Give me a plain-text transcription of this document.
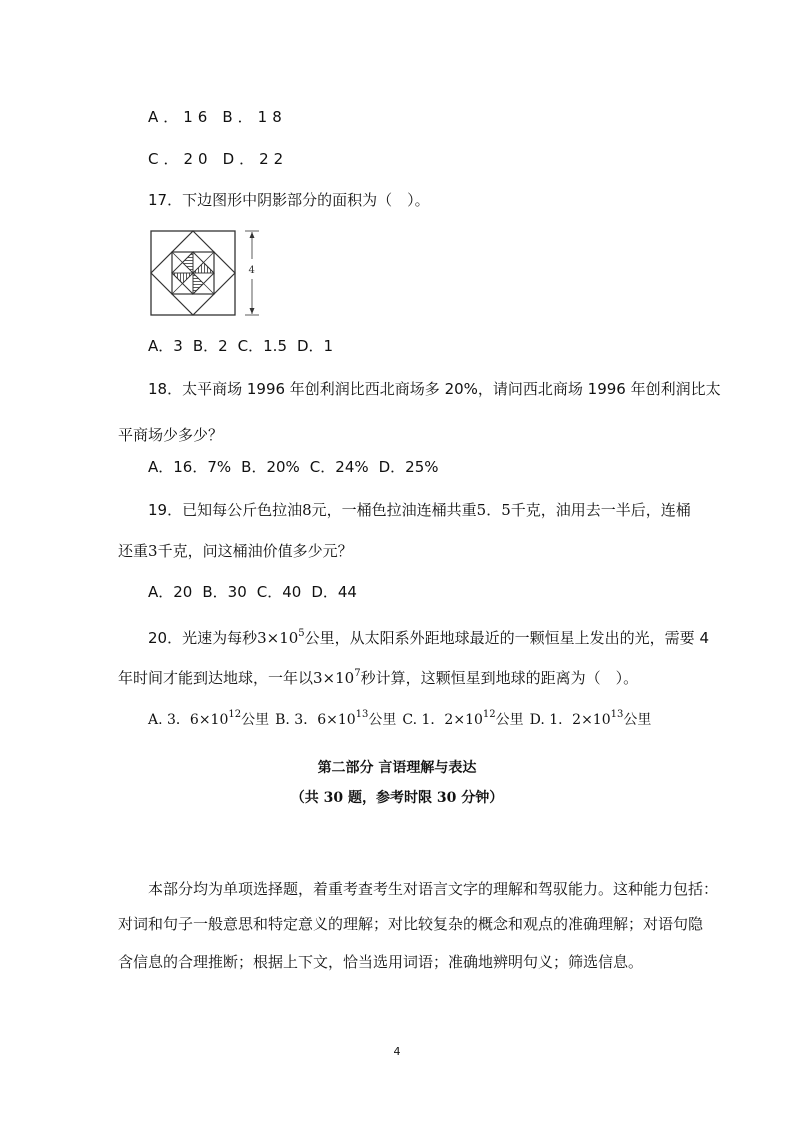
A．16 B．18
C．20 D．22
17．下边图形中阴影部分的面积为（　）。
4
A．3 B．2 C．1.5 D．1
18．太平商场 1996 年创利润比西北商场多 20%，请问西北商场 1996 年创利润比太
平商场少多少？
A．16．7% B．20% C．24% D．25%
19．已知每公斤色拉油8元，一桶色拉油连桶共重5．5千克，油用去一半后，连桶
还重3千克，问这桶油价值多少元？
A．20 B．30 C．40 D．44
20．光速为每秒$3\times 10^5$公里，从太阳系外距地球最近的一颗恒星上发出的光，需要 4
年时间才能到达地球，一年以$3\times 10^7$秒计算，这颗恒星到地球的距离为（　）。
A. 3．$6\times 10^{12}$公里 B. 3．$6\times 10^{13}$公里 C. 1．$2\times 10^{12}$公里 D. 1．$2\times 10^{13}$公里
第二部分 言语理解与表达
（共 30 题，参考时限 30 分钟）
本部分均为单项选择题，着重考查考生对语言文字的理解和驾驭能力。这种能力包括：
对词和句子一般意思和特定意义的理解；对比较复杂的概念和观点的准确理解；对语句隐
含信息的合理推断；根据上下文，恰当选用词语；准确地辨明句义；筛选信息。
4
